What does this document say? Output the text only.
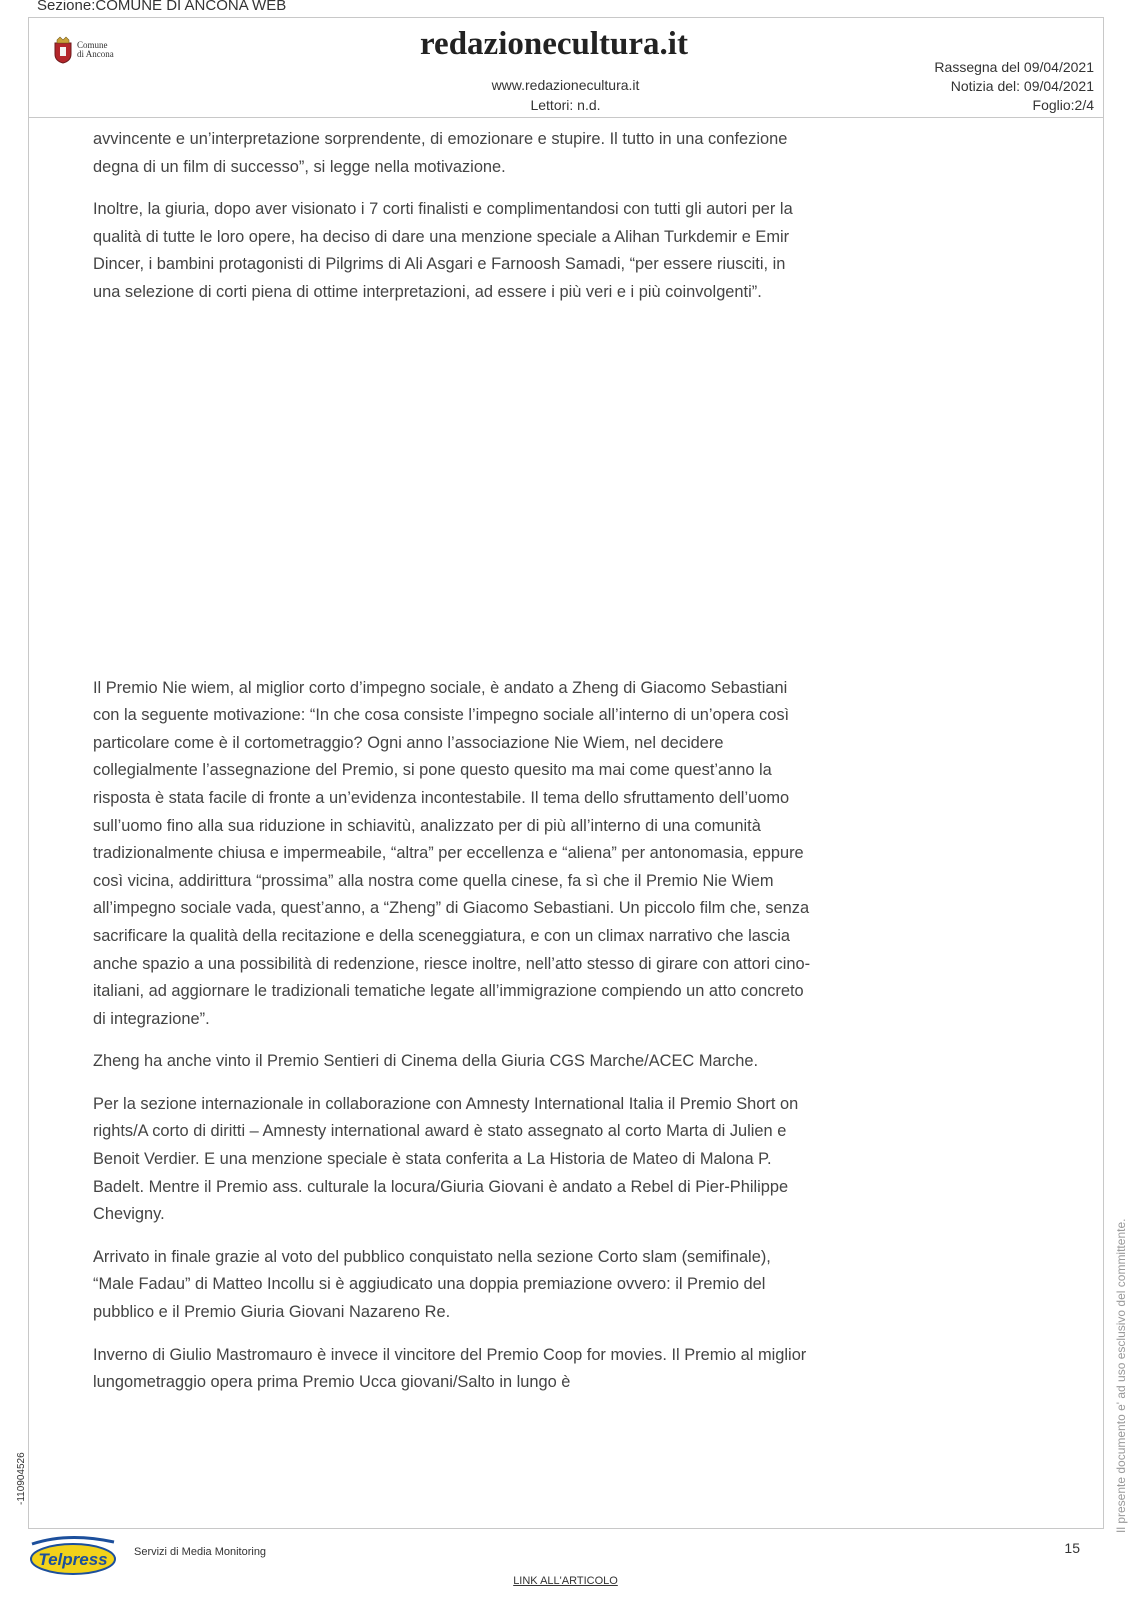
Sezione:COMUNE DI ANCONA WEB
Comune
di Ancona	redazionecultura.it
www.redazionecultura.it
Lettori: n.d.
Rassegna del 09/04/2021
Notizia del: 09/04/2021
Foglio:2/4

avvincente e un’interpretazione sorprendente, di emozionare e stupire. Il tutto in una confezione degna di un film di successo”, si legge nella motivazione.

Inoltre, la giuria, dopo aver visionato i 7 corti finalisti e complimentandosi con tutti gli autori per la qualità di tutte le loro opere, ha deciso di dare una menzione speciale a Alihan Turkdemir e Emir Dincer, i bambini protagonisti di Pilgrims di Ali Asgari e Farnoosh Samadi, “per essere riusciti, in una selezione di corti piena di ottime interpretazioni, ad essere i più veri e i più coinvolgenti”.

Il Premio Nie wiem, al miglior corto d’impegno sociale, è andato a Zheng di Giacomo Sebastiani con la seguente motivazione: “In che cosa consiste l’impegno sociale all’interno di un’opera così particolare come è il cortometraggio? Ogni anno l’associazione Nie Wiem, nel decidere collegialmente l’assegnazione del Premio, si pone questo quesito ma mai come quest’anno la risposta è stata facile di fronte a un’evidenza incontestabile. Il tema dello sfruttamento dell’uomo sull’uomo fino alla sua riduzione in schiavitù, analizzato per di più all’interno di una comunità tradizionalmente chiusa e impermeabile, “altra” per eccellenza e “aliena” per antonomasia, eppure così vicina, addirittura “prossima” alla nostra come quella cinese, fa sì che il Premio Nie Wiem all’impegno sociale vada, quest’anno, a “Zheng” di Giacomo Sebastiani. Un piccolo film che, senza sacrificare la qualità della recitazione e della sceneggiatura, e con un climax narrativo che lascia anche spazio a una possibilità di redenzione, riesce inoltre, nell’atto stesso di girare con attori cino-italiani, ad aggiornare le tradizionali tematiche legate all’immigrazione compiendo un atto concreto di integrazione”.

Zheng ha anche vinto il Premio Sentieri di Cinema della Giuria CGS Marche/ACEC Marche.

Per la sezione internazionale in collaborazione con Amnesty International Italia il Premio Short on rights/A corto di diritti – Amnesty international award è stato assegnato al corto Marta di Julien e Benoit Verdier. E una menzione speciale è stata conferita a La Historia de Mateo di Malona P. Badelt. Mentre il Premio ass. culturale la locura/Giuria Giovani è andato a Rebel di Pier-Philippe Chevigny.

Arrivato in finale grazie al voto del pubblico conquistato nella sezione Corto slam (semifinale), “Male Fadau” di Matteo Incollu si è aggiudicato una doppia premiazione ovvero: il Premio del pubblico e il Premio Giuria Giovani Nazareno Re.

Inverno di Giulio Mastromauro è invece il vincitore del Premio Coop for movies. Il Premio al miglior lungometraggio opera prima Premio Ucca giovani/Salto in lungo è	Il presente documento e' ad uso esclusivo del committente.
-110904526
15
Telpress Servizi di Media Monitoring
LINK ALL'ARTICOLO
